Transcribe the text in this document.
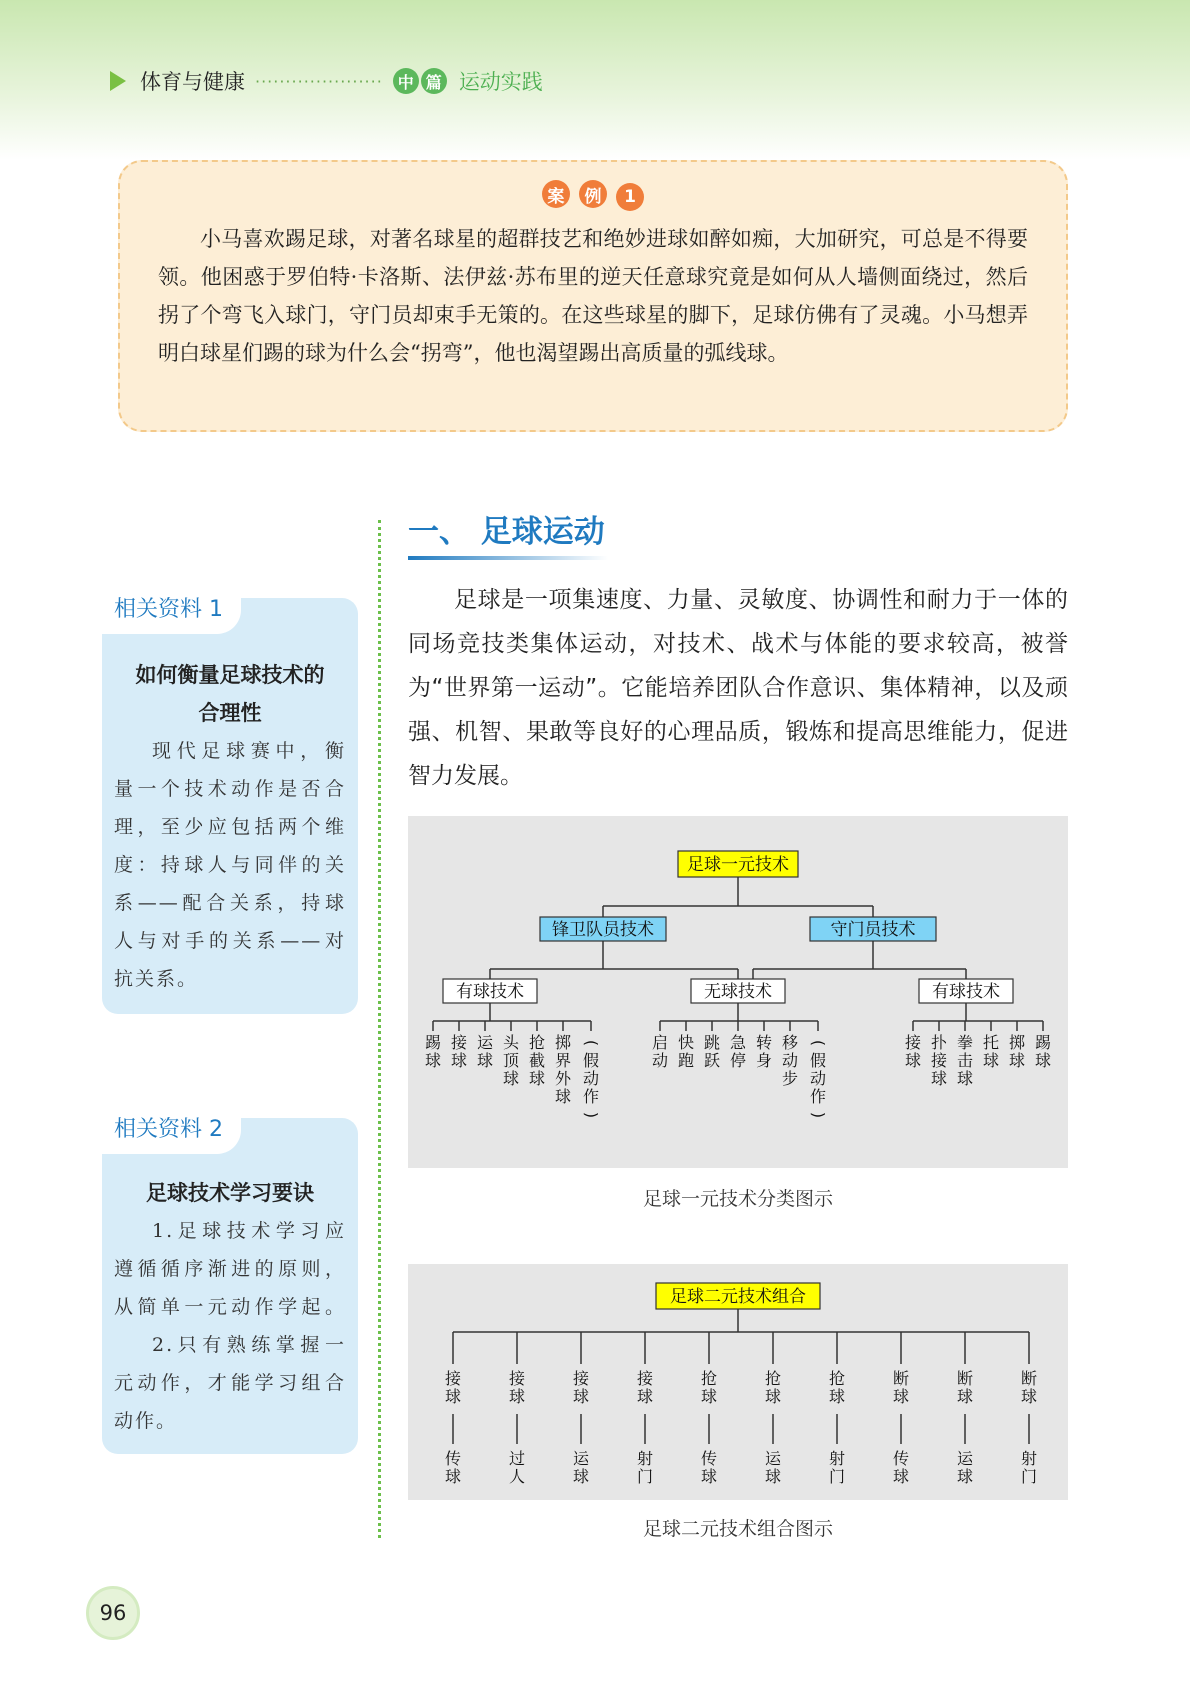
体育与健康 ····················· 中 篇 运动实践
案 例 1
小马喜欢踢足球，对著名球星的超群技艺和绝妙进球如醉如痴，大加研究，可总是不得要领。他困惑于罗伯特·卡洛斯、法伊兹·苏布里的逆天任意球究竟是如何从人墙侧面绕过，然后拐了个弯飞入球门，守门员却束手无策的。在这些球星的脚下，足球仿佛有了灵魂。小马想弄明白球星们踢的球为什么会“拐弯”，他也渴望踢出高质量的弧线球。
一、 足球运动
足球是一项集速度、力量、灵敏度、协调性和耐力于一体的同场竞技类集体运动，对技术、战术与体能的要求较高，被誉为“世界第一运动”。它能培养团队合作意识、集体精神，以及顽强、机智、果敢等良好的心理品质，锻炼和提高思维能力，促进智力发展。
相关资料 1
如何衡量足球技术的
合理性
现代足球赛中，衡
量一个技术动作是否合
理，至少应包括两个维
度：持球人与同伴的关
系——配合关系，持球
人与对手的关系——对
抗关系。
相关资料 2
足球技术学习要诀
1.足球技术学习应
遵循循序渐进的原则，
从简单一元动作学起。
2.只有熟练掌握一
元动作，才能学习组合
动作。
足球一元技术
锋卫队员技术	守门员技术
有球技术	无球技术	有球技术
踢
球
接
球
运
球
头
顶
球
抢
截
球
掷
界
外
球
(
假
动
作
)
启
动
快
跑
跳
跃
急
停
转
身
移
动
步
(
假
动
作
)
接
球
扑
接
球
拳
击
球
托
球
掷
球
踢
球
足球一元技术分类图示
足球二元技术组合
接
球
传
球
接
球
过
人
接
球
运
球
接
球
射
门
抢
球
传
球
抢
球
运
球
抢
球
射
门
断
球
传
球
断
球
运
球
断
球
射
门
足球二元技术组合图示
96
